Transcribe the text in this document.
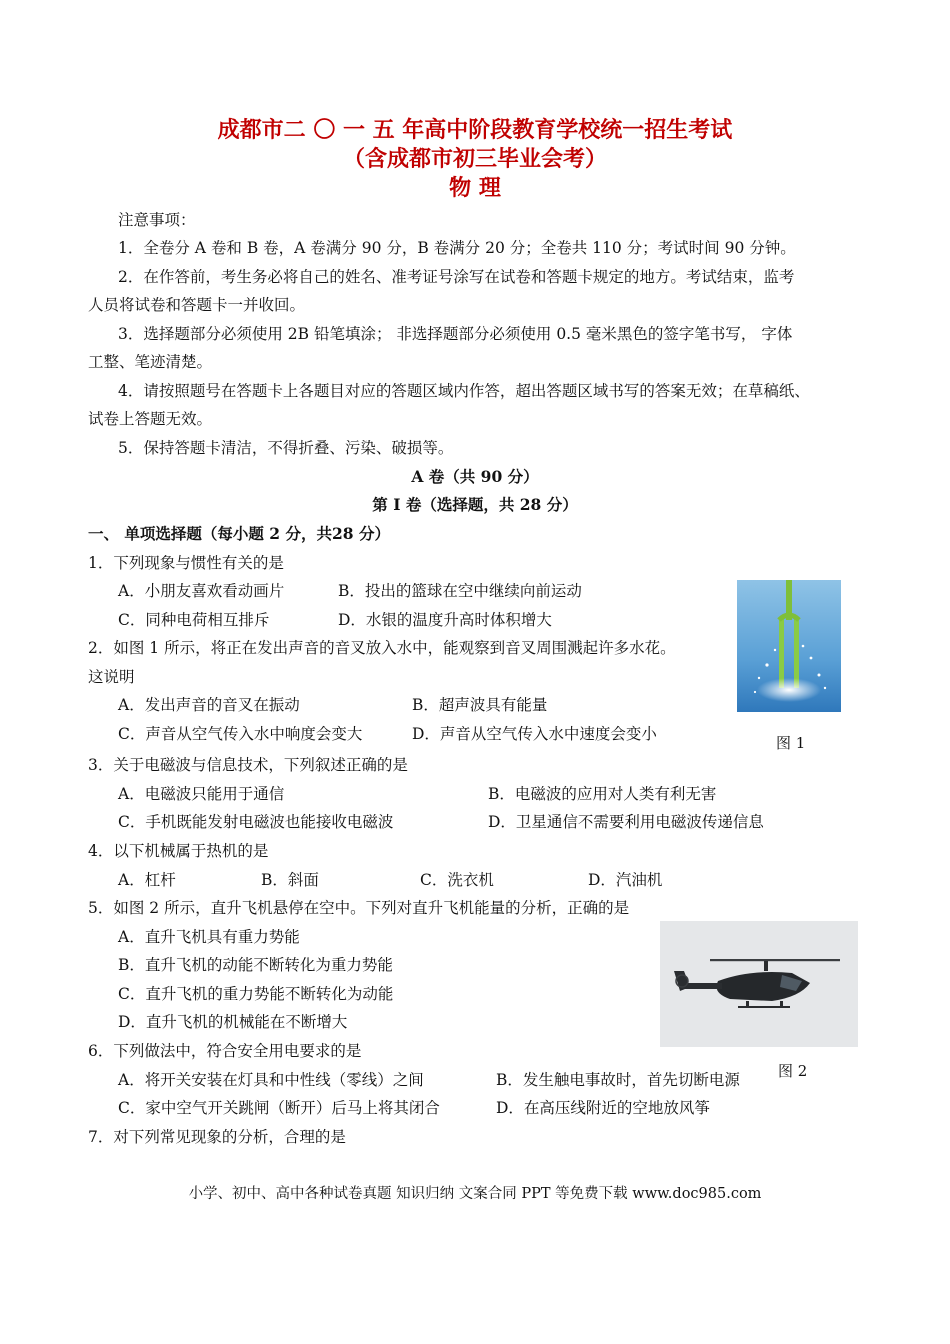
成都市二 〇 一 五 年高中阶段教育学校统一招生考试
（含成都市初三毕业会考）
物 理
注意事项：
1．全卷分 A 卷和 B 卷，A 卷满分 90 分，B 卷满分 20 分；全卷共 110 分；考试时间 90 分钟。
2．在作答前，考生务必将自己的姓名、准考证号涂写在试卷和答题卡规定的地方。考试结束，监考
人员将试卷和答题卡一并收回。
3．选择题部分必须使用 2B 铅笔填涂； 非选择题部分必须使用 0.5 毫米黑色的签字笔书写， 字体
工整、笔迹清楚。
4．请按照题号在答题卡上各题目对应的答题区域内作答，超出答题区域书写的答案无效；在草稿纸、
试卷上答题无效。
5．保持答题卡清洁，不得折叠、污染、破损等。
A 卷（共 90 分）
第 Ⅰ 卷（选择题，共 28 分）
一、 单项选择题（每小题 2 分，共28 分）
1．下列现象与惯性有关的是
A．小朋友喜欢看动画片	B．投出的篮球在空中继续向前运动
C．同种电荷相互排斥	D．水银的温度升高时体积增大
2．如图 1 所示，将正在发出声音的音叉放入水中，能观察到音叉周围溅起许多水花。
这说明
A．发出声音的音叉在振动	B．超声波具有能量
C．声音从空气传入水中响度会变大	D．声音从空气传入水中速度会变小	图 1
3．关于电磁波与信息技术，下列叙述正确的是
A．电磁波只能用于通信	B．电磁波的应用对人类有利无害
C．手机既能发射电磁波也能接收电磁波	D．卫星通信不需要利用电磁波传递信息
4．以下机械属于热机的是
A．杠杆	B．斜面	C．洗衣机	D．汽油机
5．如图 2 所示，直升飞机悬停在空中。下列对直升飞机能量的分析，正确的是
A．直升飞机具有重力势能
B．直升飞机的动能不断转化为重力势能
C．直升飞机的重力势能不断转化为动能
D．直升飞机的机械能在不断增大
图 2
6．下列做法中，符合安全用电要求的是
A．将开关安装在灯具和中性线（零线）之间	B．发生触电事故时，首先切断电源
C．家中空气开关跳闸（断开）后马上将其闭合	D．在高压线附近的空地放风筝
7．对下列常见现象的分析，合理的是
小学、初中、高中各种试卷真题 知识归纳 文案合同 PPT 等免费下载 www.doc985.com
